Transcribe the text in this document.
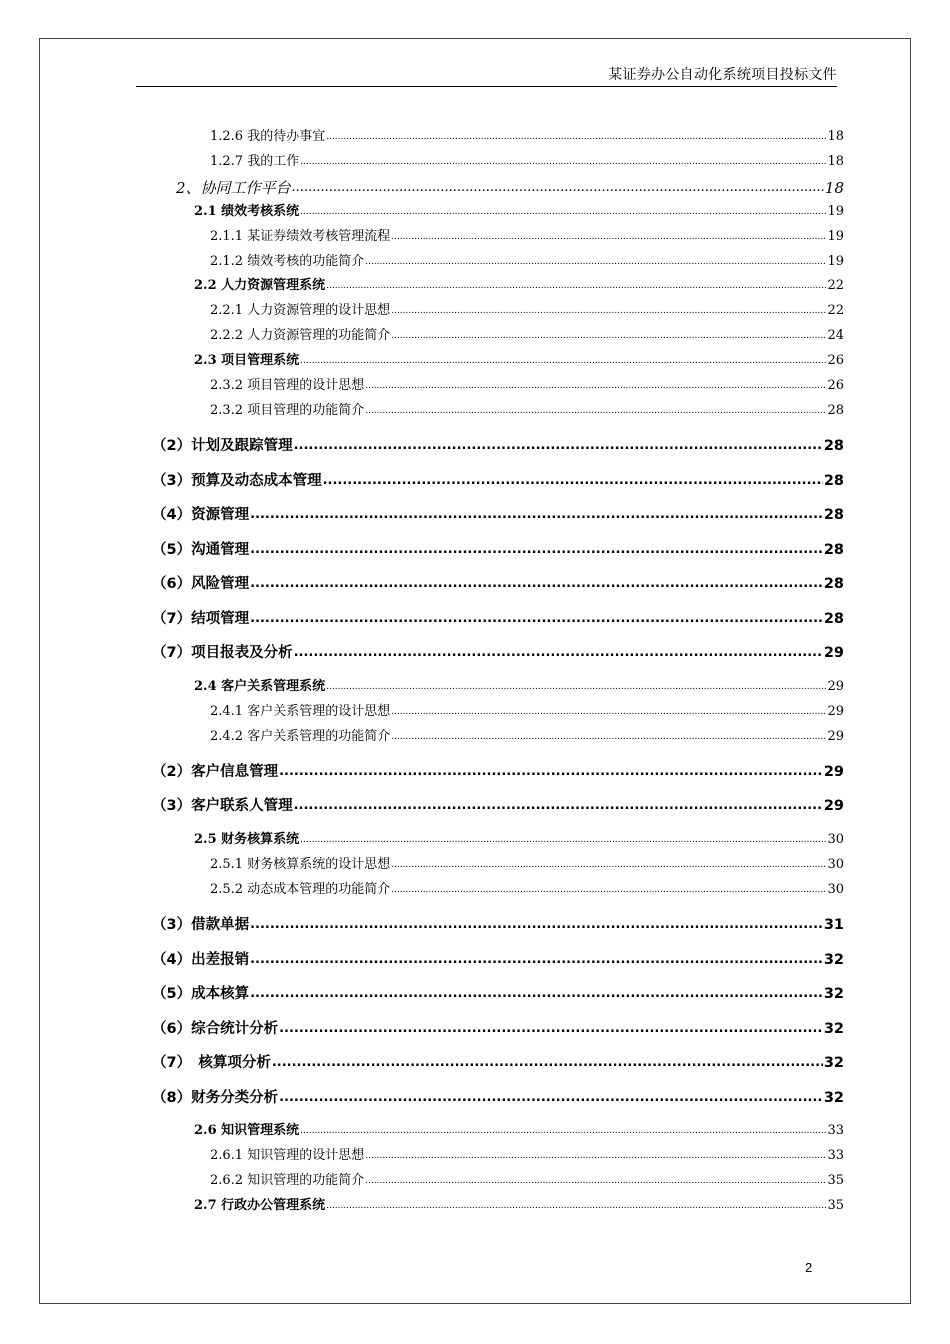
某证券办公自动化系统项目投标文件
1.2.6 我的待办事宜 .....	18
1.2.7 我的工作 .....	18
2、协同工作平台 .....	18
2.1 绩效考核系统 .....	19
2.1.1 某证券绩效考核管理流程 .....	19
2.1.2 绩效考核的功能简介 .....	19
2.2 人力资源管理系统 .....	22
2.2.1 人力资源管理的设计思想 .....	22
2.2.2 人力资源管理的功能简介 .....	24
2.3 项目管理系统 .....	26
2.3.2 项目管理的设计思想 .....	26
2.3.2 项目管理的功能简介 .....	28
（2）计划及跟踪管理 .....	28
（3）预算及动态成本管理 .....	28
（4）资源管理 .....	28
（5）沟通管理 .....	28
（6）风险管理 .....	28
（7）结项管理 .....	28
（7）项目报表及分析 .....	29
2.4 客户关系管理系统 .....	29
2.4.1 客户关系管理的设计思想 .....	29
2.4.2 客户关系管理的功能简介 .....	29
（2）客户信息管理 .....	29
（3）客户联系人管理 .....	29
2.5 财务核算系统 .....	30
2.5.1 财务核算系统的设计思想 .....	30
2.5.2 动态成本管理的功能简介 .....	30
（3）借款单据 .....	31
（4）出差报销 .....	32
（5）成本核算 .....	32
（6）综合统计分析 .....	32
（7）　核算项分析 .....	32
（8）财务分类分析 .....	32
2.6 知识管理系统 .....	33
2.6.1 知识管理的设计思想 .....	33
2.6.2 知识管理的功能简介 .....	35
2.7 行政办公管理系统 .....	35
2
